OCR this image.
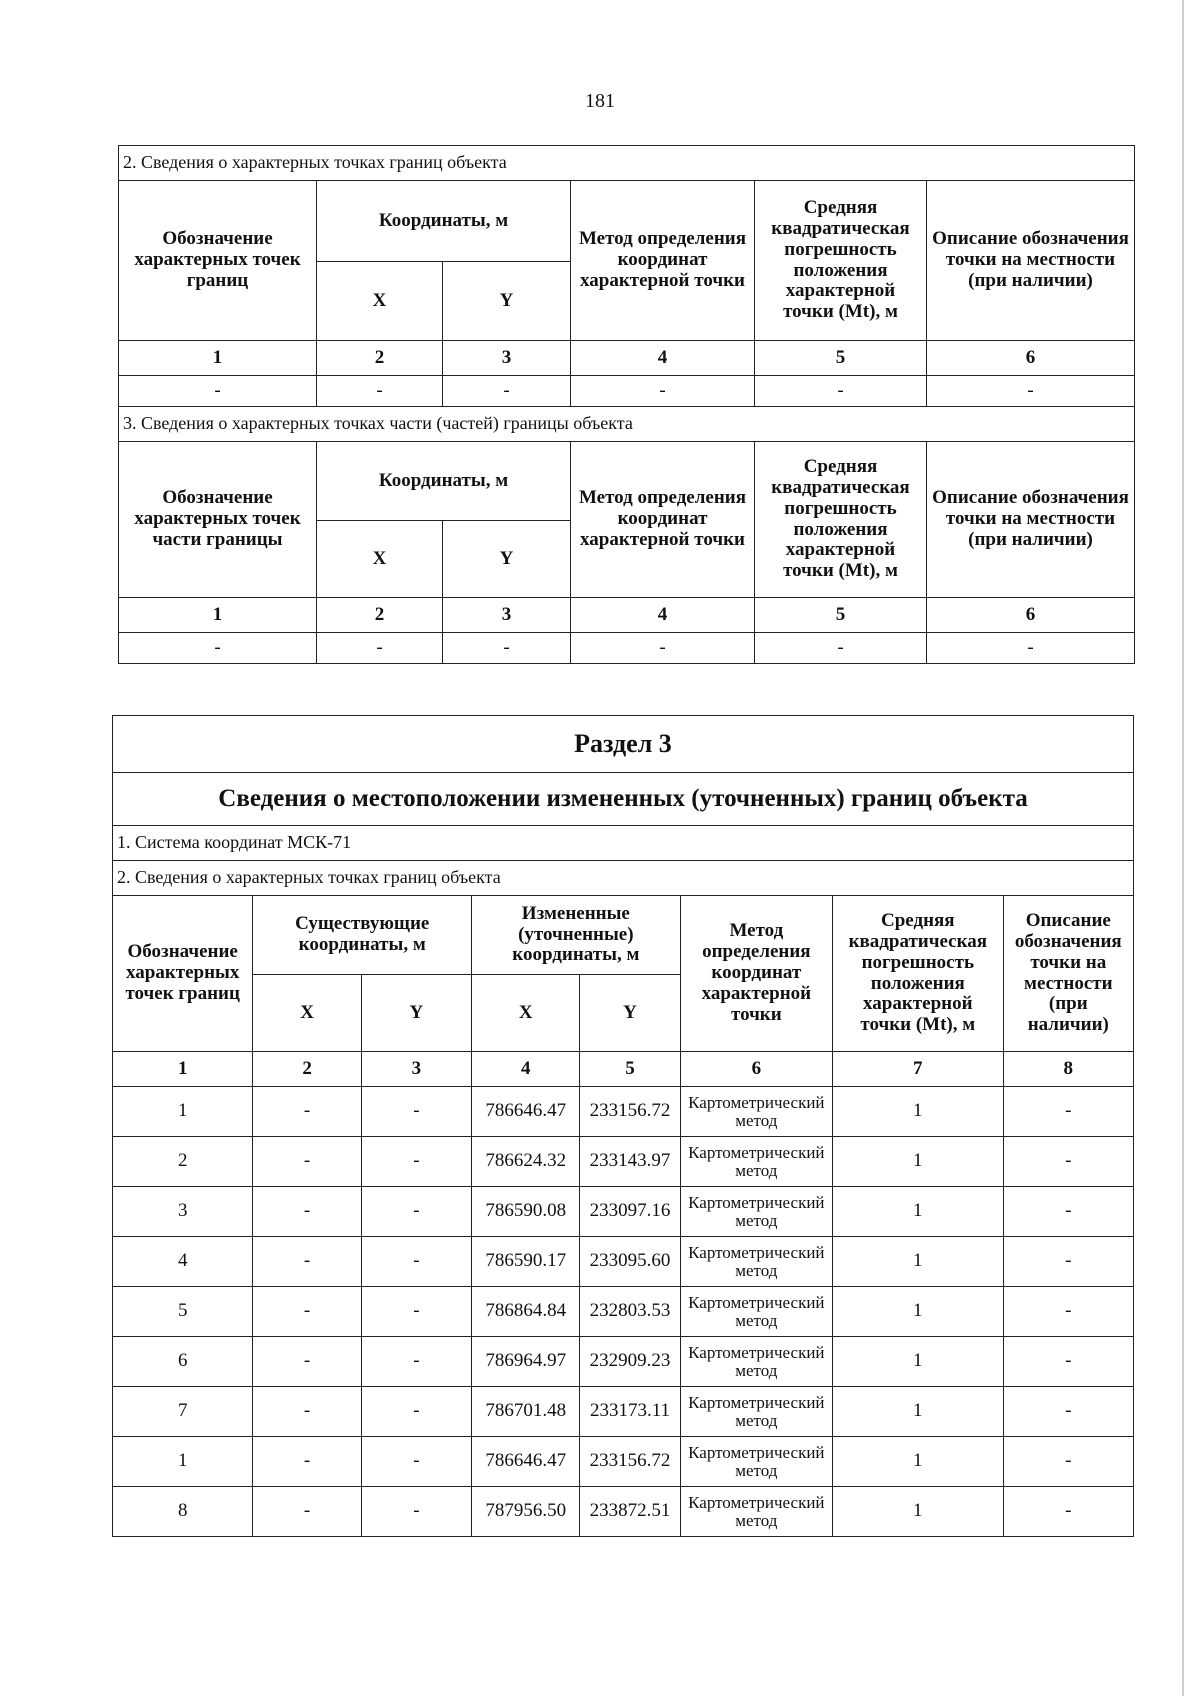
181
2. Сведения о характерных точках границ объекта					
Обозначение характерных точек границ	Координаты, м		Метод определения координат характерной точки	Средняя квадратическая погрешность положения характерной точки (Mt), м	Описание обозначения точки на местности (при наличии)
	X	Y			
1	2	3	4	5	6
-	-	-	-	-	-
3. Сведения о характерных точках части (частей) границы объекта					
Обозначение характерных точек части границы	Координаты, м		Метод определения координат характерной точки	Средняя квадратическая погрешность положения характерной точки (Mt), м	Описание обозначения точки на местности (при наличии)
	X	Y			
1	2	3	4	5	6
-	-	-	-	-	-
Раздел 3							
Сведения о местоположении измененных (уточненных) границ объекта							
1. Система координат МСК-71							
2. Сведения о характерных точках границ объекта							
Обозначение характерных точек границ	Существующие координаты, м		Измененные (уточненные) координаты, м		Метод определения координат характерной точки	Средняя квадратическая погрешность положения характерной точки (Mt), м	Описание обозначения точки на местности (при наличии)
	X	Y	X	Y			
1	2	3	4	5	6	7	8
1	-	-	786646.47	233156.72	Картометрический метод	1	-
2	-	-	786624.32	233143.97	Картометрический метод	1	-
3	-	-	786590.08	233097.16	Картометрический метод	1	-
4	-	-	786590.17	233095.60	Картометрический метод	1	-
5	-	-	786864.84	232803.53	Картометрический метод	1	-
6	-	-	786964.97	232909.23	Картометрический метод	1	-
7	-	-	786701.48	233173.11	Картометрический метод	1	-
1	-	-	786646.47	233156.72	Картометрический метод	1	-
8	-	-	787956.50	233872.51	Картометрический метод	1	-
